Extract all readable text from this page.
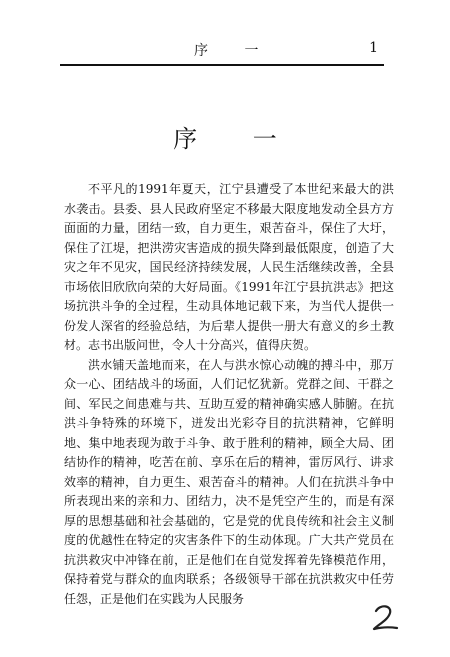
序 一	1
序 一

不平凡的1991年夏天，江宁县遭受了本世纪来最大的洪水袭击。县委、县人民政府坚定不移最大限度地发动全县方方面面的力量，团结一致，自力更生，艰苦奋斗，保住了大圩，保住了江堤，把洪涝灾害造成的损失降到最低限度，创造了大灾之年不见灾，国民经济持续发展，人民生活继续改善，全县市场依旧欣欣向荣的大好局面。《1991年江宁县抗洪志》把这场抗洪斗争的全过程，生动具体地记载下来，为当代人提供一份发人深省的经验总结，为后辈人提供一册大有意义的乡土教材。志书出版问世，令人十分高兴，值得庆贺。

洪水铺天盖地而来，在人与洪水惊心动魄的搏斗中，那万众一心、团结战斗的场面，人们记忆犹新。党群之间、干群之间、军民之间患难与共、互助互爱的精神确实感人肺腑。在抗洪斗争特殊的环境下，迸发出光彩夺目的抗洪精神，它鲜明地、集中地表现为敢于斗争、敢于胜利的精神，顾全大局、团结协作的精神，吃苦在前、享乐在后的精神，雷厉风行、讲求效率的精神，自力更生、艰苦奋斗的精神。人们在抗洪斗争中所表现出来的亲和力、团结力，决不是凭空产生的，而是有深厚的思想基础和社会基础的，它是党的优良传统和社会主义制度的优越性在特定的灾害条件下的生动体现。广大共产党员在抗洪救灾中冲锋在前，正是他们在自觉发挥着先锋模范作用，保持着党与群众的血肉联系；各级领导干部在抗洪救灾中任劳任怨，正是他们在实践为人民服务
